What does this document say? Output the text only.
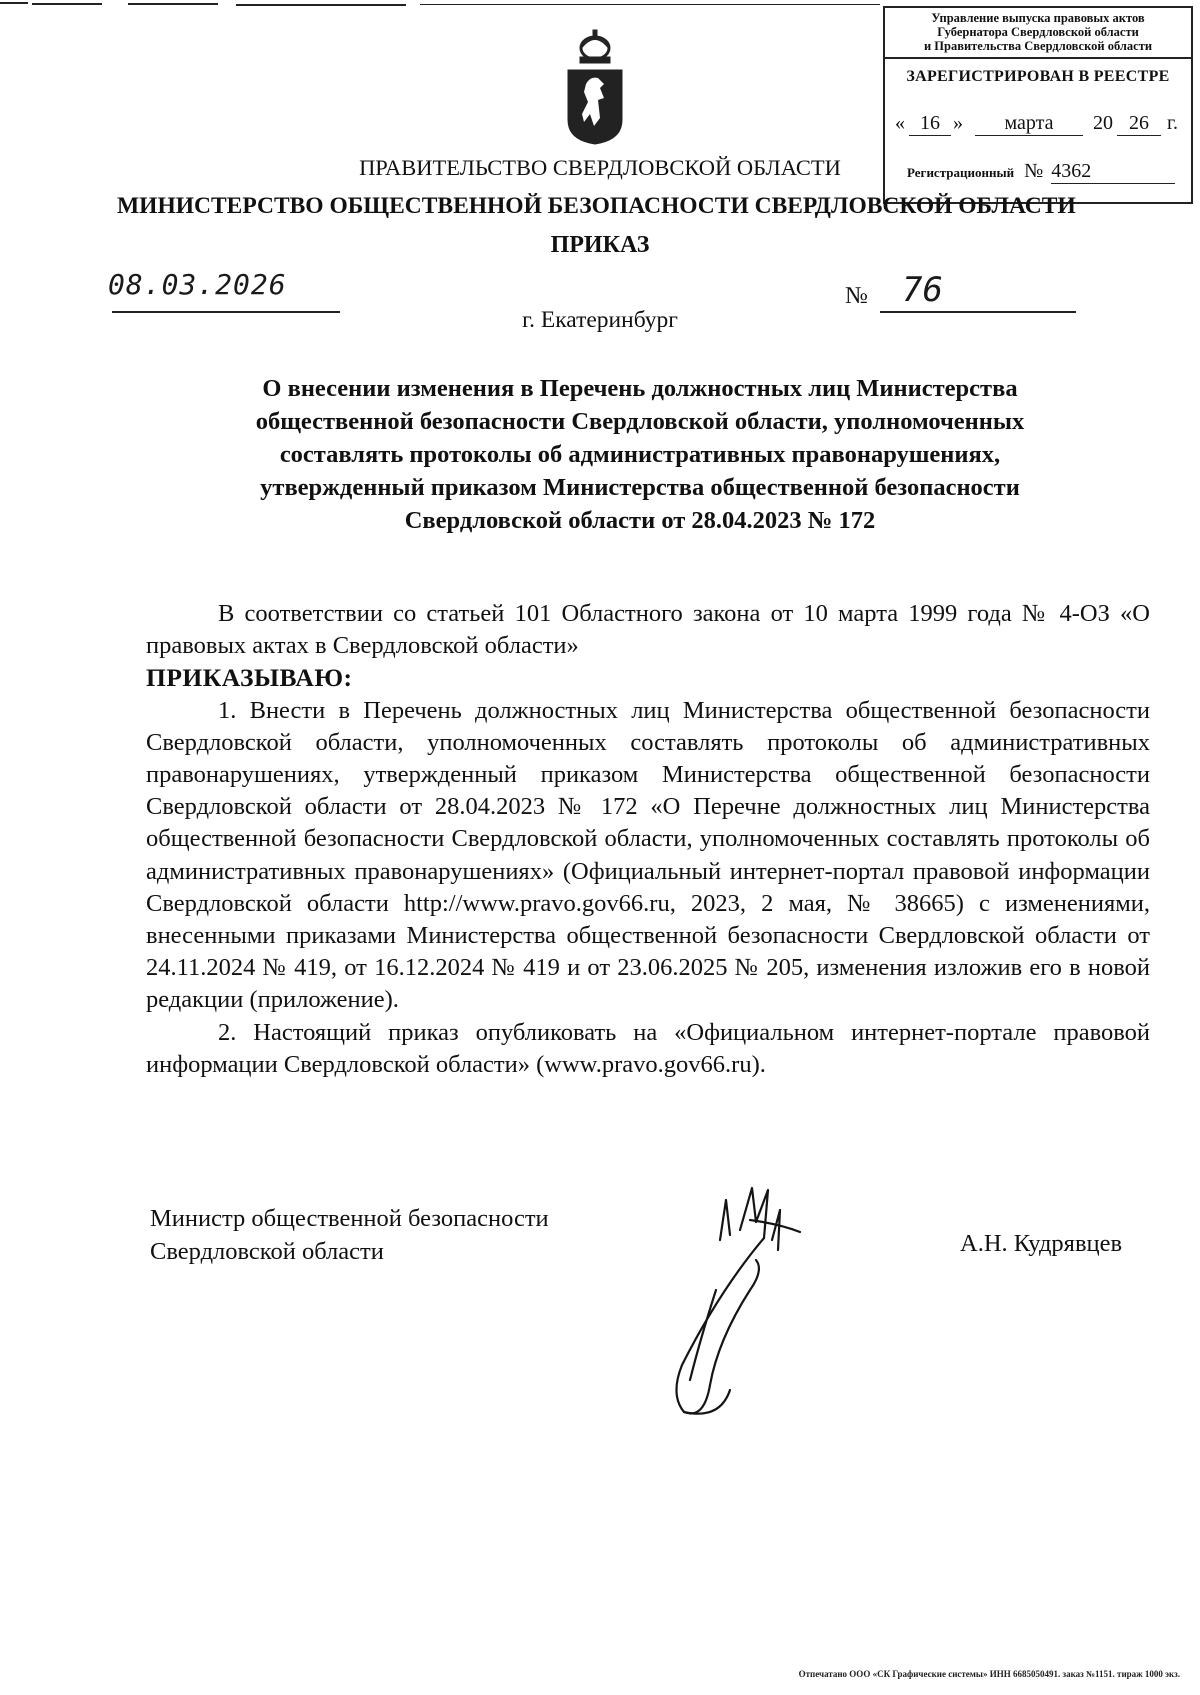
Управление выпуска правовых актов
Губернатора Свердловской области
и Правительства Свердловской области
ЗАРЕГИСТРИРОВАН В РЕЕСТРЕ
« 16 »	марта	20 26 г.
Регистрационный № 4362
ПРАВИТЕЛЬСТВО СВЕРДЛОВСКОЙ ОБЛАСТИ
МИНИСТЕРСТВО ОБЩЕСТВЕННОЙ БЕЗОПАСНОСТИ СВЕРДЛОВСКОЙ ОБЛАСТИ
ПРИКАЗ
08.03.2026
г. Екатеринбург
№ 76
О внесении изменения в Перечень должностных лиц Министерства
общественной безопасности Свердловской области, уполномоченных
составлять протоколы об административных правонарушениях,
утвержденный приказом Министерства общественной безопасности
Свердловской области от 28.04.2023 № 172

В соответствии со статьей 101 Областного закона от 10 марта 1999 года № 4-ОЗ «О правовых актах в Свердловской области»

ПРИКАЗЫВАЮ:

1. Внести в Перечень должностных лиц Министерства общественной безопасности Свердловской области, уполномоченных составлять протоколы об административных правонарушениях, утвержденный приказом Министерства общественной безопасности Свердловской области от 28.04.2023 № 172 «О Перечне должностных лиц Министерства общественной безопасности Свердловской области, уполномоченных составлять протоколы об административных правонарушениях» (Официальный интернет-портал правовой информации Свердловской области http://www.pravo.gov66.ru, 2023, 2 мая, № 38665) с изменениями, внесенными приказами Министерства общественной безопасности Свердловской области от 24.11.2024 № 419, от 16.12.2024 № 419 и от 23.06.2025 № 205, изменения изложив его в новой редакции (приложение).

2. Настоящий приказ опубликовать на «Официальном интернет-портале правовой информации Свердловской области» (www.pravo.gov66.ru).

Министр общественной безопасности
Свердловской области	А.Н. Кудрявцев
Отпечатано ООО «СК Графические системы» ИНН 6685050491. заказ №1151. тираж 1000 экз.
